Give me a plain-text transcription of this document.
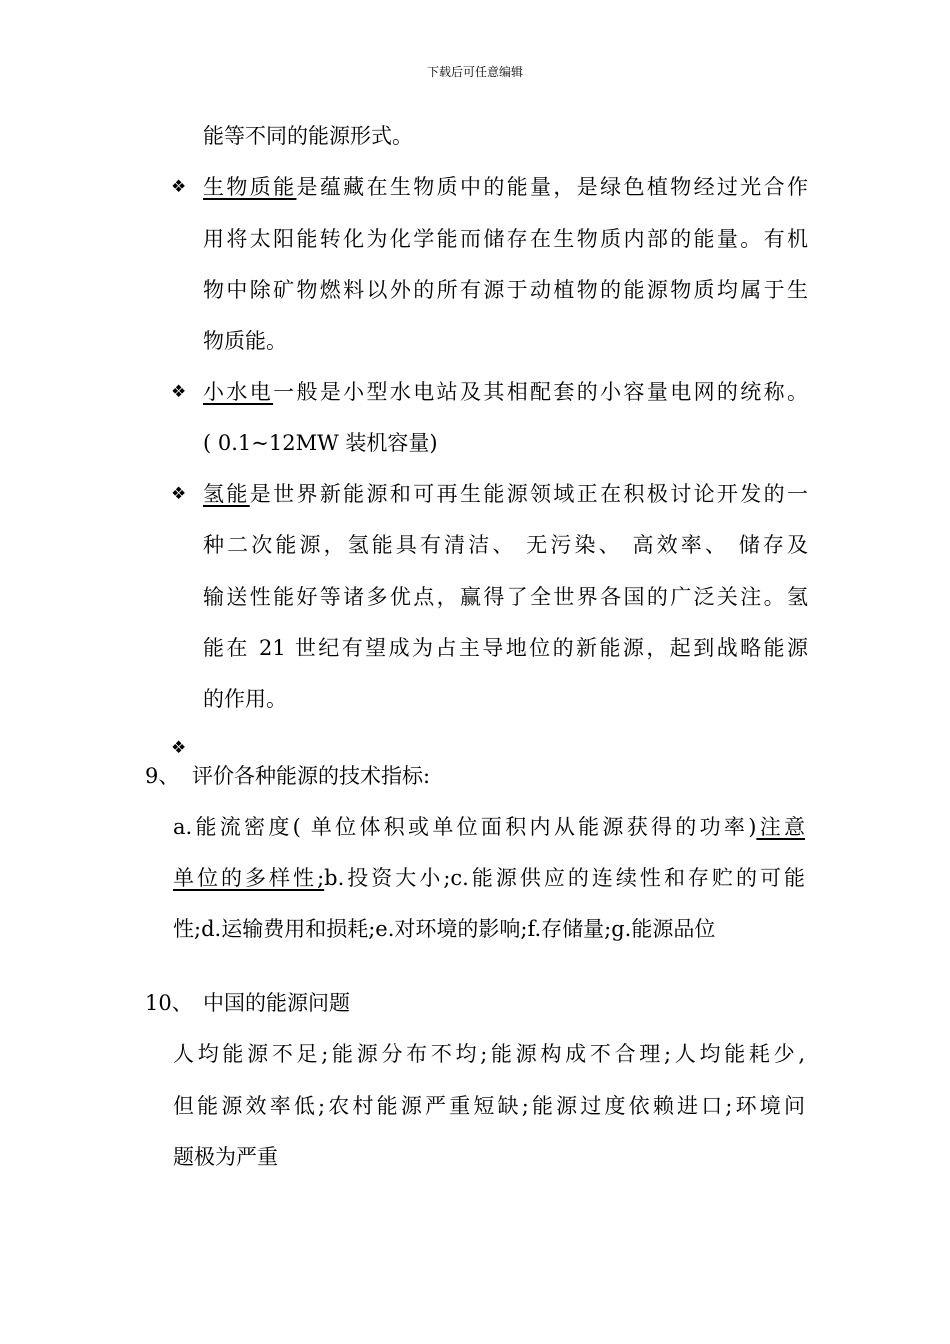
下载后可任意编辑
能等不同的能源形式。
❖ 生物质能是蕴藏在生物质中的能量，是绿色植物经过光合作
用将太阳能转化为化学能而储存在生物质内部的能量。有机
物中除矿物燃料以外的所有源于动植物的能源物质均属于生
物质能。
❖ 小水电一般是小型水电站及其相配套的小容量电网的统称。
( 0.1~12MW 装机容量)
❖ 氢能是世界新能源和可再生能源领域正在积极讨论开发的一
种二次能源，氢能具有清洁、 无污染、 高效率、 储存及
输送性能好等诸多优点，赢得了全世界各国的广泛关注。氢
能在 21 世纪有望成为占主导地位的新能源，起到战略能源
的作用。
❖
9、 评价各种能源的技术指标:
a.能流密度( 单位体积或单位面积内从能源获得的功率)注意
单位的多样性;b.投资大小;c.能源供应的连续性和存贮的可能
性;d.运输费用和损耗;e.对环境的影响;f.存储量;g.能源品位
10、 中国的能源问题
人均能源不足;能源分布不均;能源构成不合理;人均能耗少,
但能源效率低;农村能源严重短缺;能源过度依赖进口;环境问
题极为严重
